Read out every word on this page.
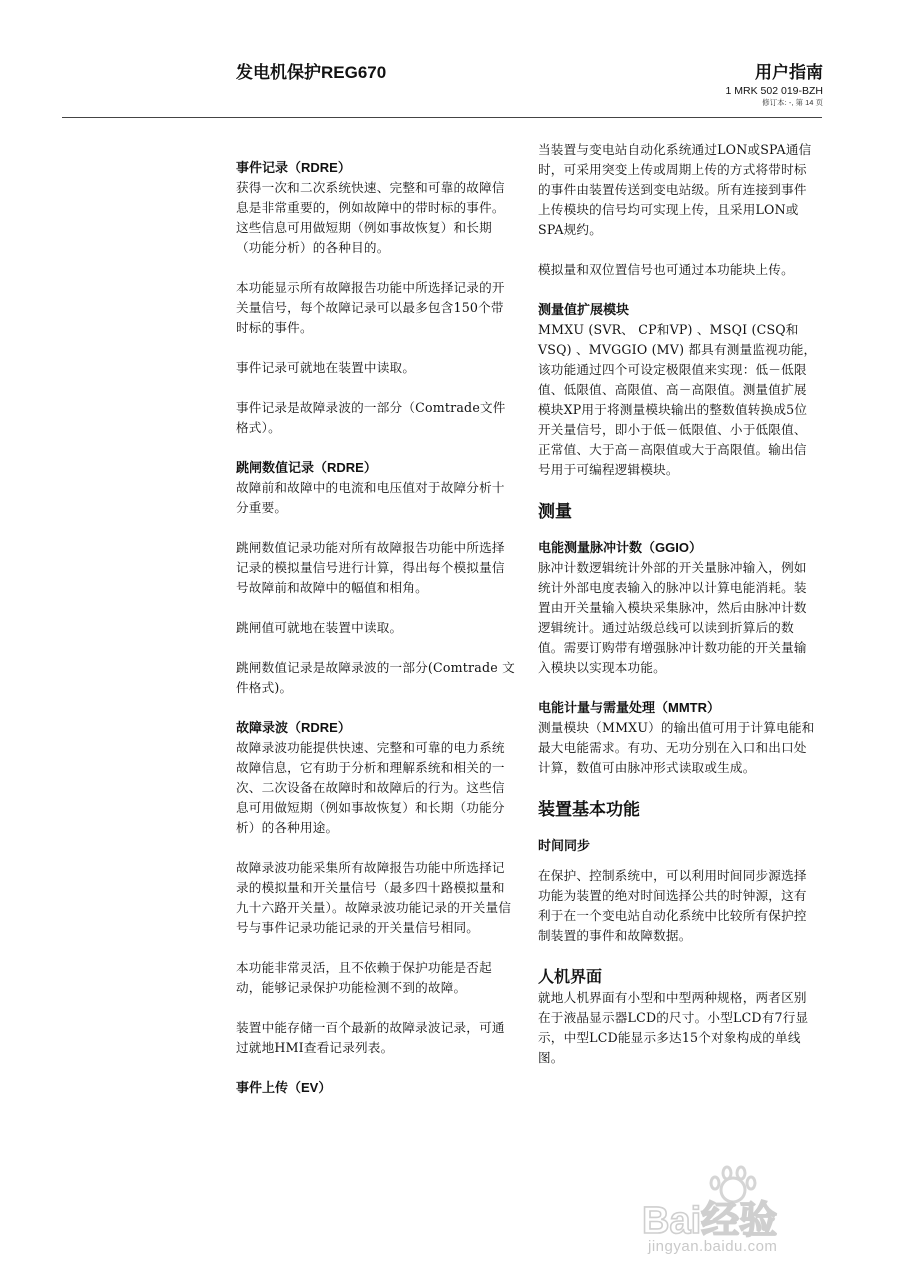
发电机保护REG670	用户指南
1 MRK 502 019-BZH
修订本: -, 第 14 页
事件记录（RDRE）
获得一次和二次系统快速、完整和可靠的故障信息是非常重要的，例如故障中的带时标的事件。这些信息可用做短期（例如事故恢复）和长期（功能分析）的各种目的。
本功能显示所有故障报告功能中所选择记录的开关量信号，每个故障记录可以最多包含150个带时标的事件。
事件记录可就地在装置中读取。
事件记录是故障录波的一部分（Comtrade文件格式）。
跳闸数值记录（RDRE）
故障前和故障中的电流和电压值对于故障分析十分重要。
跳闸数值记录功能对所有故障报告功能中所选择记录的模拟量信号进行计算，得出每个模拟量信号故障前和故障中的幅值和相角。
跳闸值可就地在装置中读取。
跳闸数值记录是故障录波的一部分(Comtrade 文件格式)。
故障录波（RDRE）
故障录波功能提供快速、完整和可靠的电力系统故障信息，它有助于分析和理解系统和相关的一次、二次设备在故障时和故障后的行为。这些信息可用做短期（例如事故恢复）和长期（功能分析）的各种用途。
故障录波功能采集所有故障报告功能中所选择记录的模拟量和开关量信号（最多四十路模拟量和九十六路开关量）。故障录波功能记录的开关量信号与事件记录功能记录的开关量信号相同。
本功能非常灵活，且不依赖于保护功能是否起动，能够记录保护功能检测不到的故障。
装置中能存储一百个最新的故障录波记录，可通过就地HMI查看记录列表。
事件上传（EV）
当装置与变电站自动化系统通过LON或SPA通信时，可采用突变上传或周期上传的方式将带时标的事件由装置传送到变电站级。所有连接到事件上传模块的信号均可实现上传，且采用LON或SPA规约。
模拟量和双位置信号也可通过本功能块上传。
测量值扩展模块
MMXU (SVR、 CP和VP) 、MSQI (CSQ和VSQ) 、MVGGIO (MV) 都具有测量监视功能，该功能通过四个可设定极限值来实现：低－低限值、低限值、高限值、高－高限值。测量值扩展模块XP用于将测量模块输出的整数值转换成5位开关量信号，即小于低－低限值、小于低限值、正常值、大于高－高限值或大于高限值。输出信号用于可编程逻辑模块。
测量
电能测量脉冲计数（GGIO）
脉冲计数逻辑统计外部的开关量脉冲输入，例如统计外部电度表输入的脉冲以计算电能消耗。装置由开关量输入模块采集脉冲，然后由脉冲计数逻辑统计。通过站级总线可以读到折算后的数值。需要订购带有增强脉冲计数功能的开关量输入模块以实现本功能。
电能计量与需量处理（MMTR）
测量模块（MMXU）的输出值可用于计算电能和最大电能需求。有功、无功分别在入口和出口处计算，数值可由脉冲形式读取或生成。
装置基本功能
时间同步
在保护、控制系统中，可以利用时间同步源选择功能为装置的绝对时间选择公共的时钟源，这有利于在一个变电站自动化系统中比较所有保护控制装置的事件和故障数据。
人机界面
就地人机界面有小型和中型两种规格，两者区别在于液晶显示器LCD的尺寸。小型LCD有7行显示，中型LCD能显示多达15个对象构成的单线图。
Bai经验
jingyan.baidu.com
